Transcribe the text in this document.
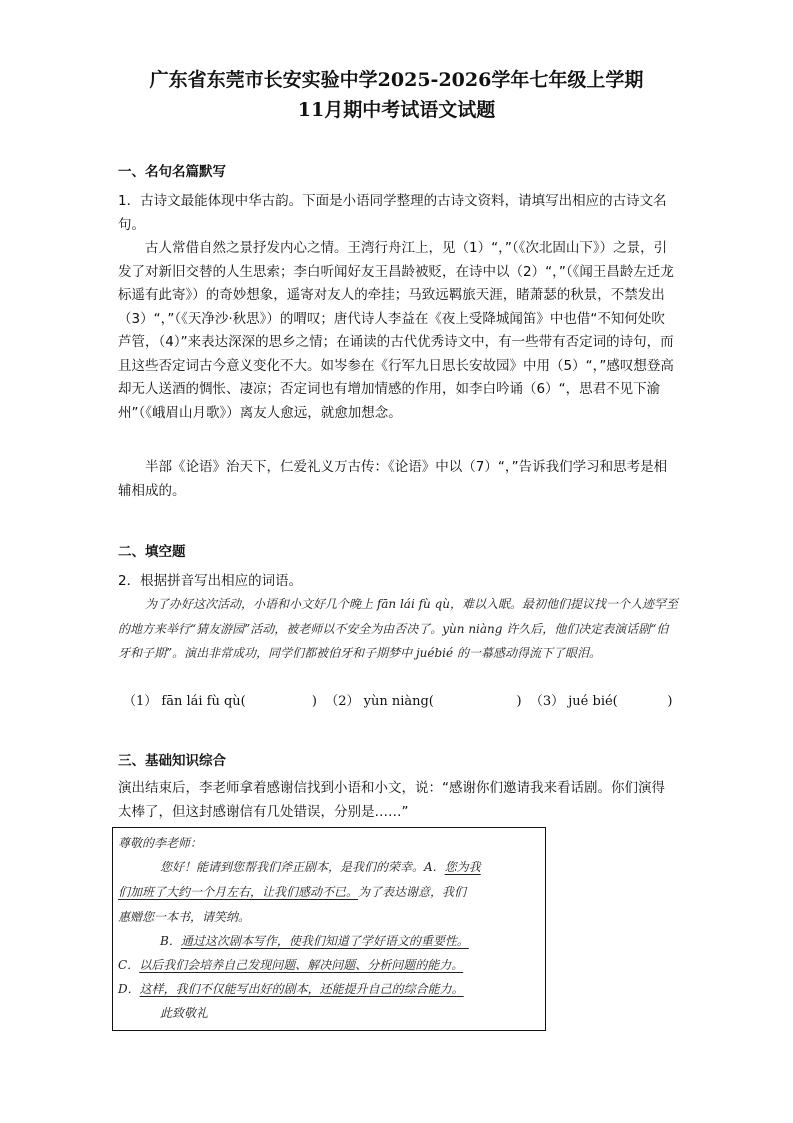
广东省东莞市长安实验中学2025-2026学年七年级上学期
11月期中考试语文试题
一、名句名篇默写
1．古诗文最能体现中华古韵。下面是小语同学整理的古诗文资料，请填写出相应的古诗文名句。
古人常借自然之景抒发内心之情。王湾行舟江上，见（1）“，”（《次北固山下》）之景，引发了对新旧交替的人生思索；李白听闻好友王昌龄被贬，在诗中以（2）“，”（《闻王昌龄左迁龙标遥有此寄》）的奇妙想象，遥寄对友人的牵挂；马致远羁旅天涯，睹萧瑟的秋景，不禁发出（3）“，”（《天净沙·秋思》）的喟叹；唐代诗人李益在《夜上受降城闻笛》中也借“不知何处吹芦管，（4）”来表达深深的思乡之情；在诵读的古代优秀诗文中，有一些带有否定词的诗句，而且这些否定词古今意义变化不大。如岑参在《行军九日思长安故园》中用（5）“，”感叹想登高却无人送酒的惆怅、凄凉；否定词也有增加情感的作用，如李白吟诵（6）“，思君不见下渝州”（《峨眉山月歌》）离友人愈远，就愈加想念。
半部《论语》治天下，仁爱礼义万古传：《论语》中以（7）“，”告诉我们学习和思考是相辅相成的。
二、填空题
2．根据拼音写出相应的词语。
为了办好这次活动，小语和小文好几个晚上 fān lái fù qù，难以入眠。最初他们提议找一个人迹罕至的地方来举行“猜友游园”活动，被老师以不安全为由否决了。yùn niàng 许久后，他们决定表演话剧“伯牙和子期”。演出非常成功，同学们都被伯牙和子期梦中 juébié 的一幕感动得流下了眼泪。
（1） fān lái fù qù(                )  （2） yùn niàng(                    )  （3） jué bié(            )
三、基础知识综合
演出结束后，李老师拿着感谢信找到小语和小文，说：“感谢你们邀请我来看话剧。你们演得太棒了，但这封感谢信有几处错误，分别是……”
尊敬的李老师：
您好！能请到您帮我们斧正剧本，是我们的荣幸。A．您为我
们加班了大约一个月左右，让我们感动不已。为了表达谢意，我们
惠赠您一本书，请笑纳。
B．通过这次剧本写作，使我们知道了学好语文的重要性。
C．以后我们会培养自己发现问题、解决问题、分析问题的能力。
D．这样，我们不仅能写出好的剧本，还能提升自己的综合能力。
此致敬礼
